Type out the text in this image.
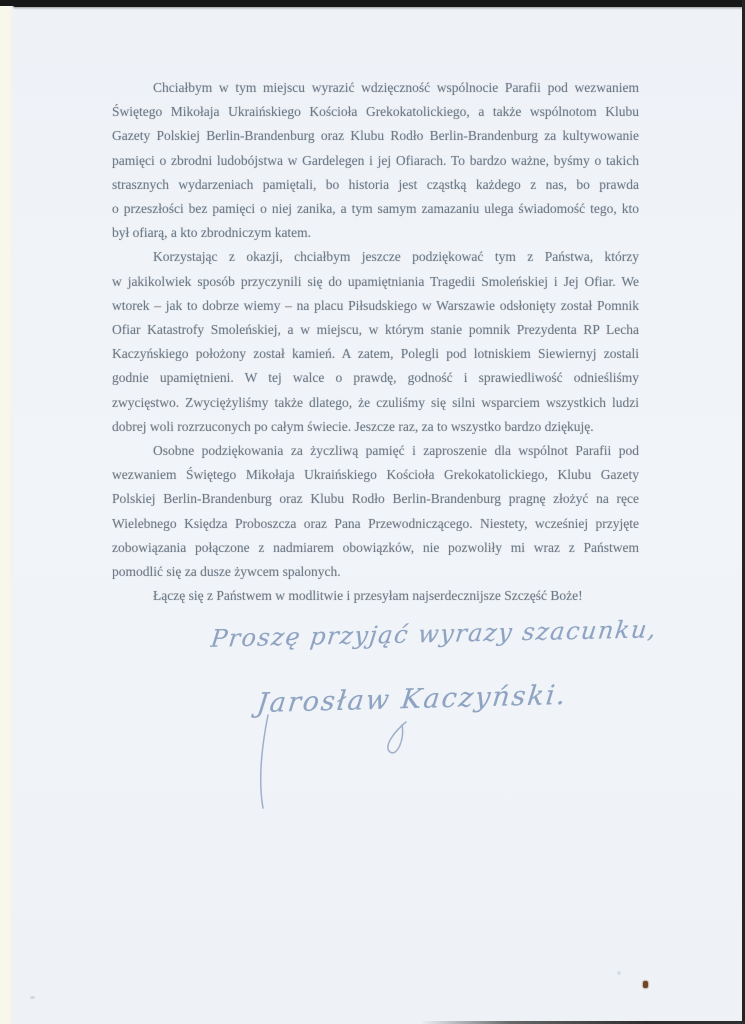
Chciałbym w tym miejscu wyrazić wdzięczność wspólnocie Parafii pod wezwaniem
Świętego Mikołaja Ukraińskiego Kościoła Grekokatolickiego, a także wspólnotom Klubu
Gazety Polskiej Berlin-Brandenburg oraz Klubu Rodło Berlin-Brandenburg za kultywowanie
pamięci o zbrodni ludobójstwa w Gardelegen i jej Ofiarach. To bardzo ważne, byśmy o takich
strasznych wydarzeniach pamiętali, bo historia jest cząstką każdego z nas, bo prawda
o przeszłości bez pamięci o niej zanika, a tym samym zamazaniu ulega świadomość tego, kto
był ofiarą, a kto zbrodniczym katem.
Korzystając z okazji, chciałbym jeszcze podziękować tym z Państwa, którzy
w jakikolwiek sposób przyczynili się do upamiętniania Tragedii Smoleńskiej i Jej Ofiar. We
wtorek – jak to dobrze wiemy – na placu Piłsudskiego w Warszawie odsłonięty został Pomnik
Ofiar Katastrofy Smoleńskiej, a w miejscu, w którym stanie pomnik Prezydenta RP Lecha
Kaczyńskiego położony został kamień. A zatem, Polegli pod lotniskiem Siewiernyj zostali
godnie upamiętnieni. W tej walce o prawdę, godność i sprawiedliwość odnieśliśmy
zwycięstwo. Zwyciężyliśmy także dlatego, że czuliśmy się silni wsparciem wszystkich ludzi
dobrej woli rozrzuconych po całym świecie. Jeszcze raz, za to wszystko bardzo dziękuję.
Osobne podziękowania za życzliwą pamięć i zaproszenie dla wspólnot Parafii pod
wezwaniem Świętego Mikołaja Ukraińskiego Kościoła Grekokatolickiego, Klubu Gazety
Polskiej Berlin-Brandenburg oraz Klubu Rodło Berlin-Brandenburg pragnę złożyć na ręce
Wielebnego Księdza Proboszcza oraz Pana Przewodniczącego. Niestety, wcześniej przyjęte
zobowiązania połączone z nadmiarem obowiązków, nie pozwoliły mi wraz z Państwem
pomodlić się za dusze żywcem spalonych.
Łączę się z Państwem w modlitwie i przesyłam najserdecznijsze Szczęść Boże!
Proszę przyjąć wyrazy szacunku,
Jarosław Kaczyński.
